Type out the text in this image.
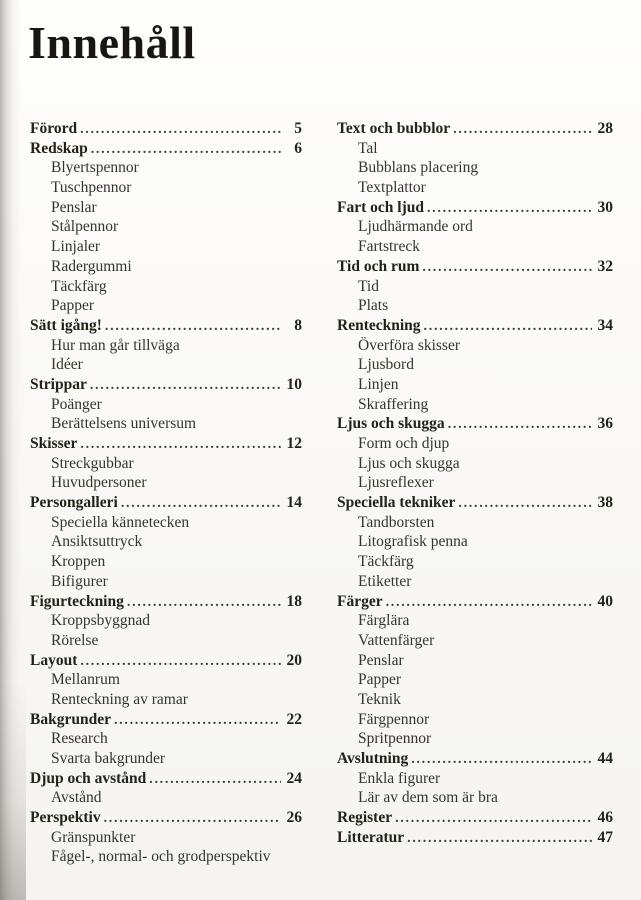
Innehåll
Förord .....	5
Redskap .....	6
Blyertspennor
Tuschpennor
Penslar
Stålpennor
Linjaler
Radergummi
Täckfärg
Papper
Sätt igång! .....	8
Hur man går tillväga
Idéer
Strippar .....	10
Poänger
Berättelsens universum
Skisser .....	12
Streckgubbar
Huvudpersoner
Persongalleri .....	14
Speciella kännetecken
Ansiktsuttryck
Kroppen
Bifigurer
Figurteckning .....	18
Kroppsbyggnad
Rörelse
Layout .....	20
Mellanrum
Renteckning av ramar
Bakgrunder .....	22
Research
Svarta bakgrunder
Djup och avstånd .....	24
Avstånd
Perspektiv .....	26
Gränspunkter
Fågel-, normal- och grodperspektiv
Text och bubblor .....	28
Tal
Bubblans placering
Textplattor
Fart och ljud .....	30
Ljudhärmande ord
Fartstreck
Tid och rum .....	32
Tid
Plats
Renteckning .....	34
Överföra skisser
Ljusbord
Linjen
Skraffering
Ljus och skugga .....	36
Form och djup
Ljus och skugga
Ljusreflexer
Speciella tekniker .....	38
Tandborsten
Litografisk penna
Täckfärg
Etiketter
Färger .....	40
Färglära
Vattenfärger
Penslar
Papper
Teknik
Färgpennor
Spritpennor
Avslutning .....	44
Enkla figurer
Lär av dem som är bra
Register .....	46
Litteratur .....	47
